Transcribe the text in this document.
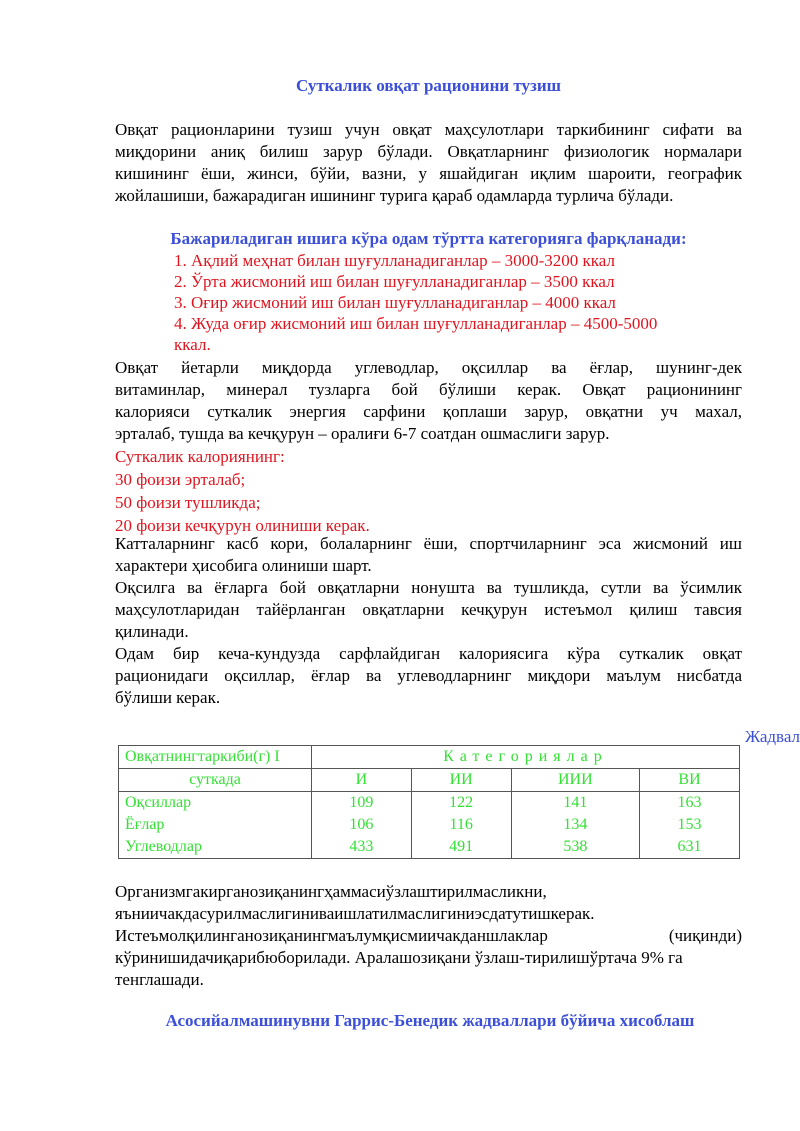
Суткалик овқат рационини тузиш
Овқат рационларини тузиш учун овқат маҳсулотлари таркибининг сифати ва
миқдорини аниқ билиш зарур бўлади. Овқатларнинг физиологик нормалари
кишининг ёши, жинси, бўйи, вазни, у яшайдиган иқлим шароити, географик
жойлашиши, бажарадиган ишининг турига қараб одамларда турлича бўлади.
Бажариладиган ишига кўра одам тўртта категорияга фарқланади:
1. Ақлий меҳнат билан шуғулланадиганлар – 3000-3200 ккал
2. Ўрта жисмоний иш билан шуғулланадиганлар – 3500 ккал
3. Оғир жисмоний иш билан шуғулланадиганлар – 4000 ккал
4. Жуда оғир жисмоний иш билан шуғулланадиганлар – 4500-5000
ккал.
Овқат йетарли миқдорда углеводлар, оқсиллар ва ёғлар, шунинг-дек
витаминлар, минерал тузларга бой бўлиши керак. Овқат рационининг
калорияси суткалик энергия сарфини қоплаши зарур, овқатни уч махал,
эрталаб, тушда ва кечқурун – оралиғи 6-7 соатдан ошмаслиги зарур.
Суткалик калориянинг:
30 фоизи эрталаб;
50 фоизи тушликда;
20 фоизи кечқурун олиниши керак.
Катталарнинг касб кори, болаларнинг ёши, спортчиларнинг эса жисмоний иш
характери ҳисобига олиниши шарт.
Оқсилга ва ёғларга бой овқатларни нонушта ва тушликда, сутли ва ўсимлик
маҳсулотларидан тайёрланган овқатларни кечқурун истеъмол қилиш тавсия
қилинади.
Одам бир кеча-кундузда сарфлайдиган калориясига кўра суткалик овқат
рационидаги оқсиллар, ёғлар ва углеводларнинг миқдори маълум нисбатда
бўлиши керак.
Жадвал
Овқатнингтаркиби(г) I	Категориялар			
суткада	И	ИИ	ИИИ	ВИ
Оқсиллар	109	122	141	163
Ёғлар	106	116	134	153
Углеводлар	433	491	538	631
Организмгакирганозиқанингҳаммасиўзлаштирилмасликни,
яъниичакдасурилмаслигиниваишлатилмаслигиниэсдатутишкерак.
Истеъмолқилинганозиқанингмаълумқисмиичакданшлаклар	(чиқинди)
кўринишидачиқарибюборилади. Аралашозиқани ўзлаш-тирилишўртача 9% га
тенглашади.
Асосийалмашинувни Гаррис-Бенедик жадваллари бўйича хисоблаш
